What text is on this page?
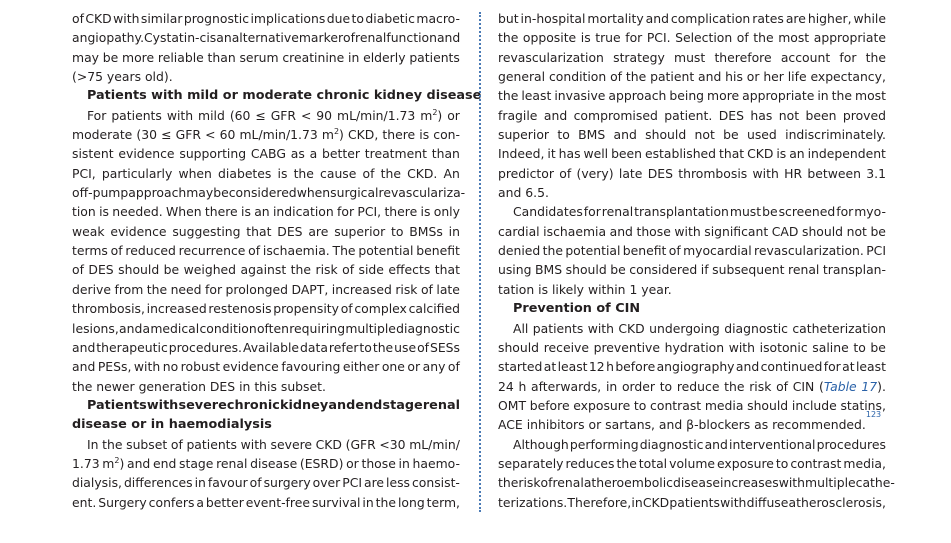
of CKD with similar prognostic implications due to diabetic macro-
angiopathy. Cystatin-c is an alternative marker of renal function and
may be more reliable than serum creatinine in elderly patients
(>75 years old).
Patients with mild or moderate chronic kidney disease
For patients with mild (60 ≤ GFR < 90 mL/min/1.73 $m^2$) or
moderate (30 ≤ GFR < 60 mL/min/1.73 $m^2$) CKD, there is con-
sistent evidence supporting CABG as a better treatment than
PCI, particularly when diabetes is the cause of the CKD. An
off-pump approach may be considered when surgical revasculariza-
tion is needed. When there is an indication for PCI, there is only
weak evidence suggesting that DES are superior to BMSs in
terms of reduced recurrence of ischaemia. The potential benefit
of DES should be weighed against the risk of side effects that
derive from the need for prolonged DAPT, increased risk of late
thrombosis, increased restenosis propensity of complex calcified
lesions, and a medical condition often requiring multiple diagnostic
and therapeutic procedures. Available data refer to the use of SESs
and PESs, with no robust evidence favouring either one or any of
the newer generation DES in this subset.
Patients with severe chronic kidney and end stage renal
disease or in haemodialysis
In the subset of patients with severe CKD (GFR <30 mL/min/
1.73 $m^2$) and end stage renal disease (ESRD) or those in haemo-
dialysis, differences in favour of surgery over PCI are less consist-
ent. Surgery confers a better event-free survival in the long term,
but in-hospital mortality and complication rates are higher, while
the opposite is true for PCI. Selection of the most appropriate
revascularization strategy must therefore account for the
general condition of the patient and his or her life expectancy,
the least invasive approach being more appropriate in the most
fragile and compromised patient. DES has not been proved
superior to BMS and should not be used indiscriminately.
Indeed, it has well been established that CKD is an independent
predictor of (very) late DES thrombosis with HR between 3.1
and 6.5.
Candidates for renal transplantation must be screened for myo-
cardial ischaemia and those with significant CAD should not be
denied the potential benefit of myocardial revascularization. PCI
using BMS should be considered if subsequent renal transplan-
tation is likely within 1 year.
Prevention of CIN
All patients with CKD undergoing diagnostic catheterization
should receive preventive hydration with isotonic saline to be
started at least 12 h before angiography and continued for at least
24 h afterwards, in order to reduce the risk of CIN (Table 17).
OMT before exposure to contrast media should include statins,
ACE inhibitors or sartans, and β-blockers as recommended.
123
Although performing diagnostic and interventional procedures
separately reduces the total volume exposure to contrast media,
the risk of renal atheroembolic disease increases with multiple cathe-
terizations. Therefore, in CKD patients with diffuse atherosclerosis,
